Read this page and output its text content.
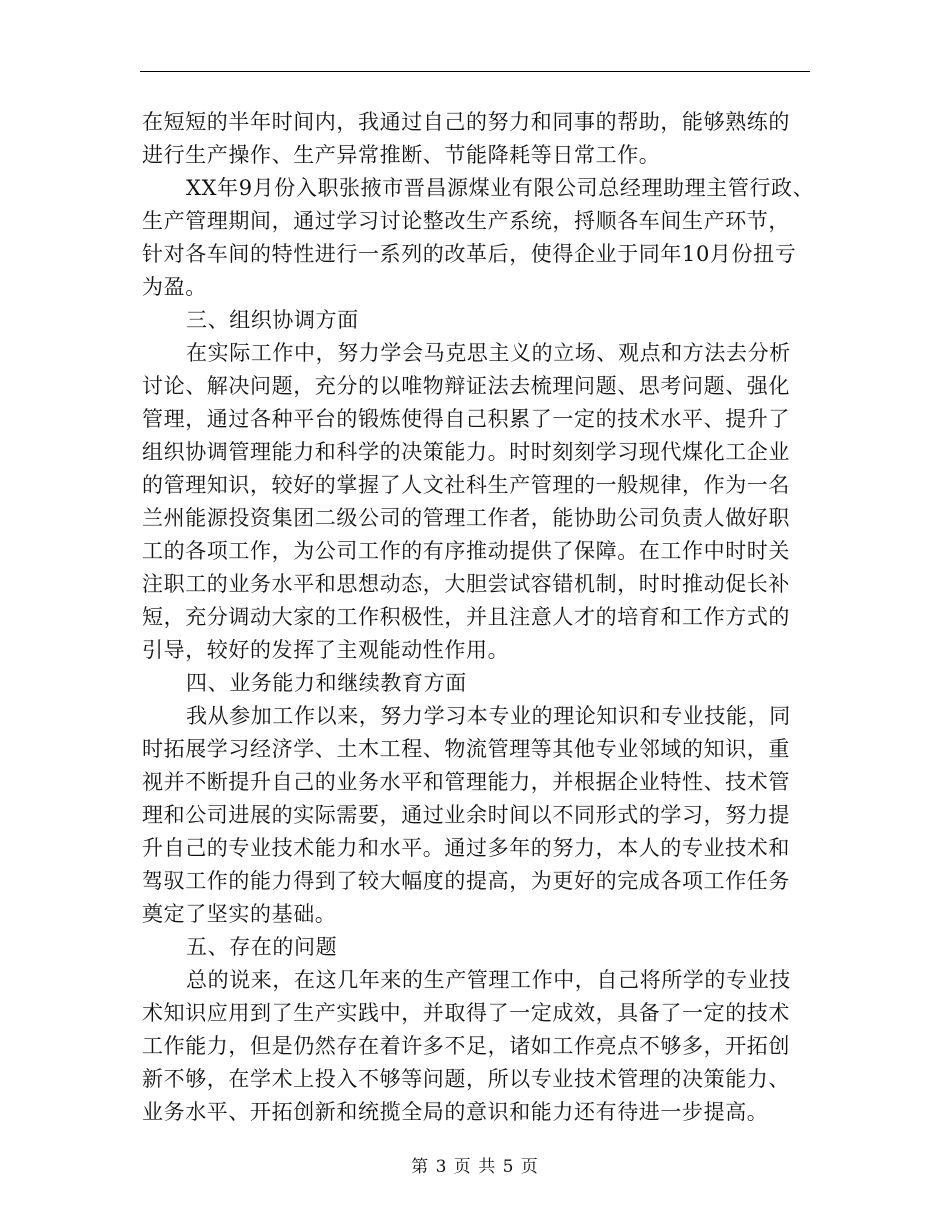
在短短的半年时间内，我通过自己的努力和同事的帮助，能够熟练的
进行生产操作、生产异常推断、节能降耗等日常工作。
XX年9月份入职张掖市晋昌源煤业有限公司总经理助理主管行政、
生产管理期间，通过学习讨论整改生产系统，捋顺各车间生产环节，
针对各车间的特性进行一系列的改革后，使得企业于同年10月份扭亏
为盈。
三、组织协调方面
在实际工作中，努力学会马克思主义的立场、观点和方法去分析
讨论、解决问题，充分的以唯物辩证法去梳理问题、思考问题、强化
管理，通过各种平台的锻炼使得自己积累了一定的技术水平、提升了
组织协调管理能力和科学的决策能力。时时刻刻学习现代煤化工企业
的管理知识，较好的掌握了人文社科生产管理的一般规律，作为一名
兰州能源投资集团二级公司的管理工作者，能协助公司负责人做好职
工的各项工作，为公司工作的有序推动提供了保障。在工作中时时关
注职工的业务水平和思想动态，大胆尝试容错机制，时时推动促长补
短，充分调动大家的工作积极性，并且注意人才的培育和工作方式的
引导，较好的发挥了主观能动性作用。
四、业务能力和继续教育方面
我从参加工作以来，努力学习本专业的理论知识和专业技能，同
时拓展学习经济学、土木工程、物流管理等其他专业邻域的知识，重
视并不断提升自己的业务水平和管理能力，并根据企业特性、技术管
理和公司进展的实际需要，通过业余时间以不同形式的学习，努力提
升自己的专业技术能力和水平。通过多年的努力，本人的专业技术和
驾驭工作的能力得到了较大幅度的提高，为更好的完成各项工作任务
奠定了坚实的基础。
五、存在的问题
总的说来，在这几年来的生产管理工作中，自己将所学的专业技
术知识应用到了生产实践中，并取得了一定成效，具备了一定的技术
工作能力，但是仍然存在着许多不足，诸如工作亮点不够多，开拓创
新不够，在学术上投入不够等问题，所以专业技术管理的决策能力、
业务水平、开拓创新和统揽全局的意识和能力还有待进一步提高。
第 3 页 共 5 页
